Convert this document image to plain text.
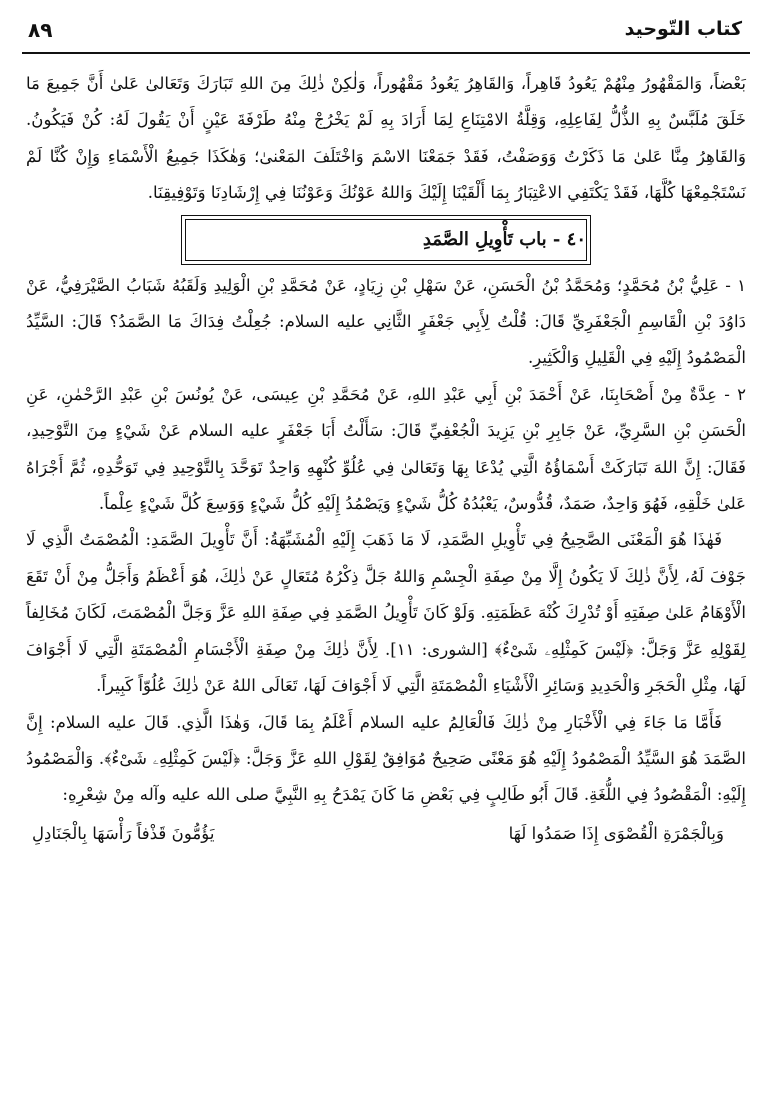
كتاب التّوحيد
٨٩

بَعْضاً، وَالمَقْهُورُ مِنْهُمْ يَعُودُ قَاهِراً، وَالقَاهِرُ يَعُودُ مَقْهُوراً، وَلٰكِنْ ذٰلِكَ مِنَ اللهِ تَبَارَكَ وَتَعَالىٰ عَلىٰ أَنَّ جَمِيعَ مَا خَلَقَ مُلَبَّسٌ بِهِ الذُّلُّ لِفَاعِلِهِ، وَقِلَّةُ الامْتِنَاعِ لِمَا أَرَادَ بِهِ لَمْ يَخْرُجْ مِنْهُ طَرْفَةَ عَيْنٍ أَنْ يَقُولَ لَهُ: كُنْ فَيَكُونُ. وَالقَاهِرُ مِنَّا عَلىٰ مَا ذَكَرْتُ وَوَصَفْتُ، فَقَدْ جَمَعْنَا الاسْمَ وَاخْتَلَفَ المَعْنىٰ؛ وَهٰكَذَا جَمِيعُ الْأَسْمَاءِ وَإِنْ كُنَّا لَمْ نَسْتَجْمِعْهَا كُلَّهَا، فَقَدْ يَكْتَفِي الاعْتِبَارُ بِمَا أَلْقَيْنَا إِلَيْكَ وَاللهُ عَوْنُكَ وَعَوْنُنَا فِي إِرْشَادِنَا وَتَوْفِيقِنَا.

٤٠ - باب تَأْوِيلِ الصَّمَدِ

١ - عَلِيُّ بْنُ مُحَمَّدٍ؛ وَمُحَمَّدُ بْنُ الْحَسَنِ، عَنْ سَهْلِ بْنِ زِيَادٍ، عَنْ مُحَمَّدِ بْنِ الْوَلِيدِ وَلَقَبُهُ شَبَابُ الصَّيْرَفِيُّ، عَنْ دَاوُدَ بْنِ الْقَاسِمِ الْجَعْفَرِيِّ قَالَ: قُلْتُ لِأَبِي جَعْفَرٍ الثَّانِي عليه السلام: جُعِلْتُ فِدَاكَ مَا الصَّمَدُ؟ قَالَ: السَّيِّدُ الْمَصْمُودُ إِلَيْهِ فِي الْقَلِيلِ وَالْكَثِيرِ.

٢ - عِدَّةٌ مِنْ أَصْحَابِنَا، عَنْ أَحْمَدَ بْنِ أَبِي عَبْدِ اللهِ، عَنْ مُحَمَّدِ بْنِ عِيسَى، عَنْ يُونُسَ بْنِ عَبْدِ الرَّحْمٰنِ، عَنِ الْحَسَنِ بْنِ السَّرِيِّ، عَنْ جَابِرِ بْنِ يَزِيدَ الْجُعْفِيِّ قَالَ: سَأَلْتُ أَبَا جَعْفَرٍ عليه السلام عَنْ شَيْءٍ مِنَ التَّوْحِيدِ، فَقَالَ: إِنَّ اللهَ تَبَارَكَتْ أَسْمَاؤُهُ الَّتِي يُدْعَا بِهَا وَتَعَالىٰ فِي عُلُوِّ كُنْهِهِ وَاحِدٌ تَوَحَّدَ بِالتَّوْحِيدِ فِي تَوَحُّدِهِ، ثُمَّ أَجْرَاهُ عَلىٰ خَلْقِهِ، فَهُوَ وَاحِدٌ، صَمَدٌ، قُدُّوسٌ، يَعْبُدُهُ كُلُّ شَيْءٍ وَيَصْمُدُ إِلَيْهِ كُلُّ شَيْءٍ وَوَسِعَ كُلَّ شَيْءٍ عِلْماً.

فَهٰذَا هُوَ الْمَعْنَى الصَّحِيحُ فِي تَأْوِيلِ الصَّمَدِ، لَا مَا ذَهَبَ إِلَيْهِ الْمُشَبِّهَةُ: أَنَّ تَأْوِيلَ الصَّمَدِ: الْمُصْمَتُ الَّذِي لَا جَوْفَ لَهُ، لِأَنَّ ذٰلِكَ لَا يَكُونُ إِلَّا مِنْ صِفَةِ الْجِسْمِ وَاللهُ جَلَّ ذِكْرُهُ مُتَعَالٍ عَنْ ذٰلِكَ، هُوَ أَعْظَمُ وَأَجَلُّ مِنْ أَنْ تَقَعَ الْأَوْهَامُ عَلىٰ صِفَتِهِ أَوْ تُدْرِكَ كُنْهَ عَظَمَتِهِ. وَلَوْ كَانَ تَأْوِيلُ الصَّمَدِ فِي صِفَةِ اللهِ عَزَّ وَجَلَّ الْمُصْمَتَ، لَكَانَ مُخَالِفاً لِقَوْلِهِ عَزَّ وَجَلَّ: ﴿لَيْسَ كَمِثْلِهِۦ شَىْءٌ﴾ [الشورى: ١١]. لِأَنَّ ذٰلِكَ مِنْ صِفَةِ الْأَجْسَامِ الْمُصْمَتَةِ الَّتِي لَا أَجْوَافَ لَهَا، مِثْلِ الْحَجَرِ وَالْحَدِيدِ وَسَائِرِ الْأَشْيَاءِ الْمُصْمَتَةِ الَّتِي لَا أَجْوَافَ لَهَا، تَعَالَى اللهُ عَنْ ذٰلِكَ عُلُوّاً كَبِيراً.

فَأَمَّا مَا جَاءَ فِي الْأَخْبَارِ مِنْ ذٰلِكَ فَالْعَالِمُ عليه السلام أَعْلَمُ بِمَا قَالَ، وَهٰذَا الَّذِي. قَالَ عليه السلام: إِنَّ الصَّمَدَ هُوَ السَّيِّدُ الْمَصْمُودُ إِلَيْهِ هُوَ مَعْنًى صَحِيحٌ مُوَافِقٌ لِقَوْلِ اللهِ عَزَّ وَجَلَّ: ﴿لَيْسَ كَمِثْلِهِۦ شَىْءٌ﴾. وَالْمَصْمُودُ إِلَيْهِ: الْمَقْصُودُ فِي اللُّغَةِ. قَالَ أَبُو طَالِبٍ فِي بَعْضِ مَا كَانَ يَمْدَحُ بِهِ النَّبِيَّ صلى الله عليه وآله مِنْ شِعْرِهِ:

وَبِالْجَمْرَةِ الْقُصْوَى إِذَا صَمَدُوا لَهَا
يَؤُمُّونَ قَذْفاً رَأْسَهَا بِالْجَنَادِلِ
